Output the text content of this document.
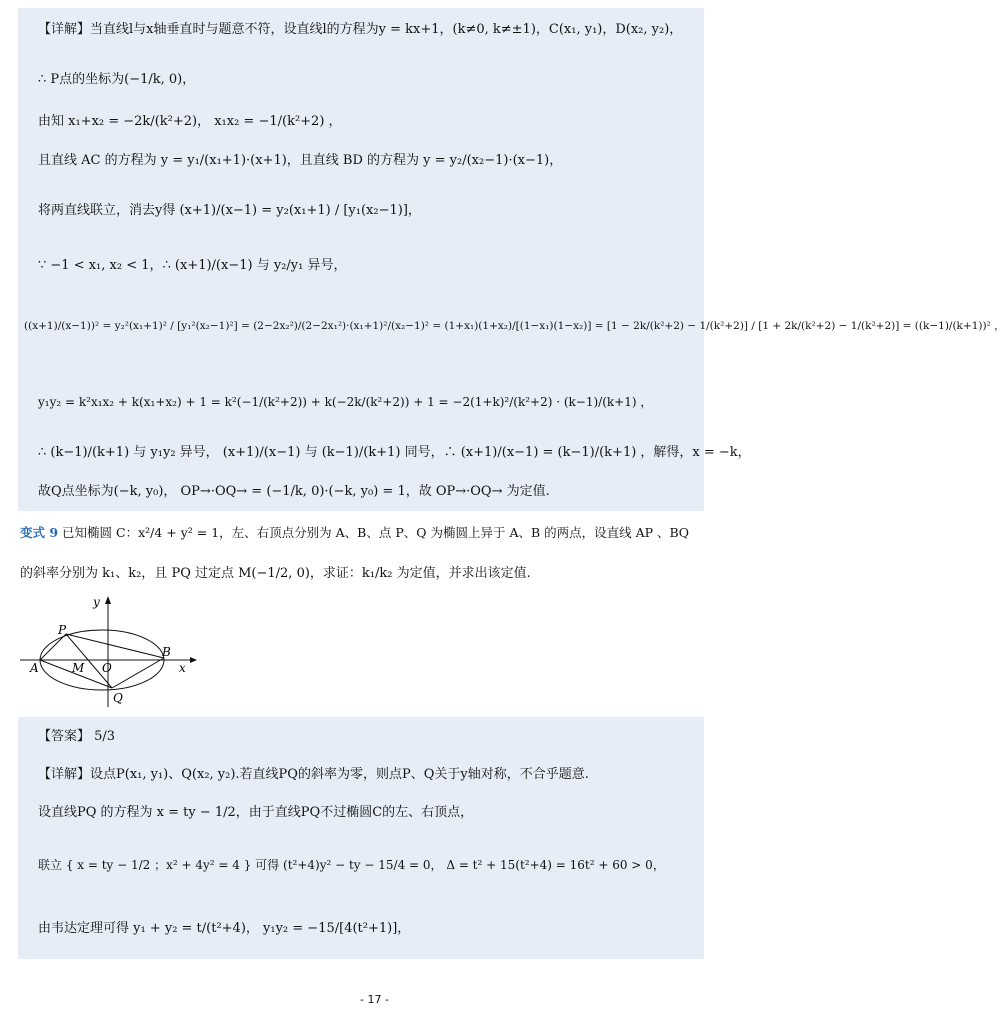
【详解】当直线l与x轴垂直时与题意不符，设直线l的方程为y = kx+1，(k≠0, k≠±1)，C(x₁, y₁)，D(x₂, y₂)，
∴ P点的坐标为(−1/k, 0)，
由知 x₁+x₂ = −2k/(k²+2)， x₁x₂ = −1/(k²+2) ，
且直线 AC 的方程为 y = y₁/(x₁+1)·(x+1)，且直线 BD 的方程为 y = y₂/(x₂−1)·(x−1)，
将两直线联立，消去y得 (x+1)/(x−1) = y₂(x₁+1) / [y₁(x₂−1)]，
∵ −1 < x₁, x₂ < 1，∴ (x+1)/(x−1) 与 y₂/y₁ 异号，
((x+1)/(x−1))² = y₂²(x₁+1)² / [y₁²(x₂−1)²] = (2−2x₂²)/(2−2x₁²)·(x₁+1)²/(x₂−1)² = (1+x₁)(1+x₂)/[(1−x₁)(1−x₂)] = [1 − 2k/(k²+2) − 1/(k²+2)] / [1 + 2k/(k²+2) − 1/(k²+2)] = ((k−1)/(k+1))² ，
y₁y₂ = k²x₁x₂ + k(x₁+x₂) + 1 = k²(−1/(k²+2)) + k(−2k/(k²+2)) + 1 = −2(1+k)²/(k²+2) · (k−1)/(k+1) ，
∴ (k−1)/(k+1) 与 y₁y₂ 异号， (x+1)/(x−1) 与 (k−1)/(k+1) 同号，∴ (x+1)/(x−1) = (k−1)/(k+1) ，解得，x = −k，
故Q点坐标为(−k, y₀)， OP→·OQ→ = (−1/k, 0)·(−k, y₀) = 1，故 OP→·OQ→ 为定值.
变式 9 已知椭圆 C：x²/4 + y² = 1，左、右顶点分别为 A、B、点 P、Q 为椭圆上异于 A、B 的两点，设直线 AP 、BQ
的斜率分别为 k₁、k₂，且 PQ 过定点 M(−1/2, 0)，求证：k₁/k₂ 为定值，并求出该定值.
y
x
P
A	M O
B
Q
【答案】 5/3
【详解】设点P(x₁, y₁)、Q(x₂, y₂).若直线PQ的斜率为零，则点P、Q关于y轴对称，不合乎题意.
设直线PQ 的方程为 x = ty − 1/2，由于直线PQ不过椭圆C的左、右顶点，
联立 { x = ty − 1/2 ；x² + 4y² = 4 } 可得 (t²+4)y² − ty − 15/4 = 0， Δ = t² + 15(t²+4) = 16t² + 60 > 0，
由韦达定理可得 y₁ + y₂ = t/(t²+4)， y₁y₂ = −15/[4(t²+1)]，
- 17 -
